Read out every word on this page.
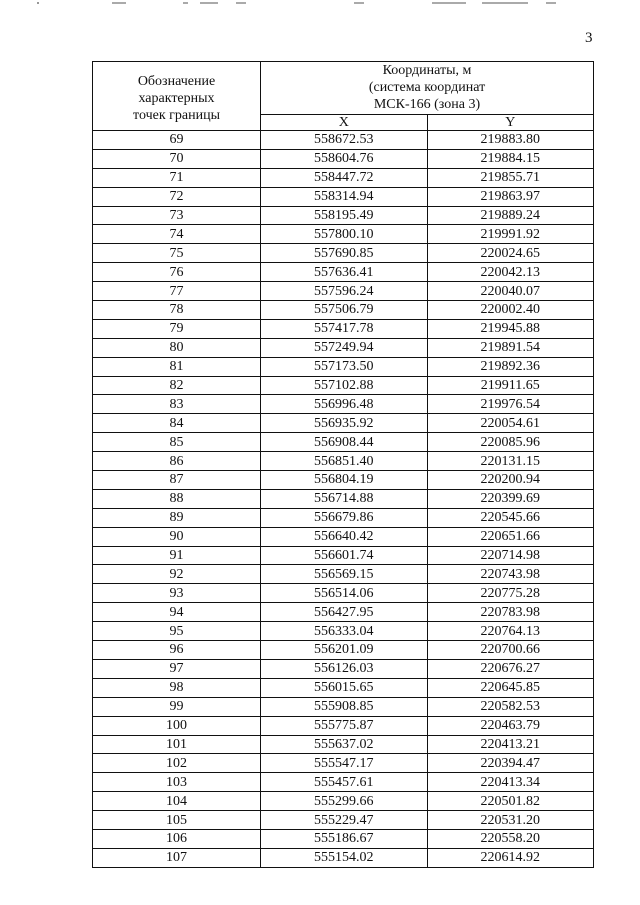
3
Обозначение
характерных
точек границы	Координаты, м
(система координат
МСК-166 (зона 3)	

	X	Y
69	558672.53	219883.80
70	558604.76	219884.15
71	558447.72	219855.71
72	558314.94	219863.97
73	558195.49	219889.24
74	557800.10	219991.92
75	557690.85	220024.65
76	557636.41	220042.13
77	557596.24	220040.07
78	557506.79	220002.40
79	557417.78	219945.88
80	557249.94	219891.54
81	557173.50	219892.36
82	557102.88	219911.65
83	556996.48	219976.54
84	556935.92	220054.61
85	556908.44	220085.96
86	556851.40	220131.15
87	556804.19	220200.94
88	556714.88	220399.69
89	556679.86	220545.66
90	556640.42	220651.66
91	556601.74	220714.98
92	556569.15	220743.98
93	556514.06	220775.28
94	556427.95	220783.98
95	556333.04	220764.13
96	556201.09	220700.66
97	556126.03	220676.27
98	556015.65	220645.85
99	555908.85	220582.53
100	555775.87	220463.79
101	555637.02	220413.21
102	555547.17	220394.47
103	555457.61	220413.34
104	555299.66	220501.82
105	555229.47	220531.20
106	555186.67	220558.20
107	555154.02	220614.92
